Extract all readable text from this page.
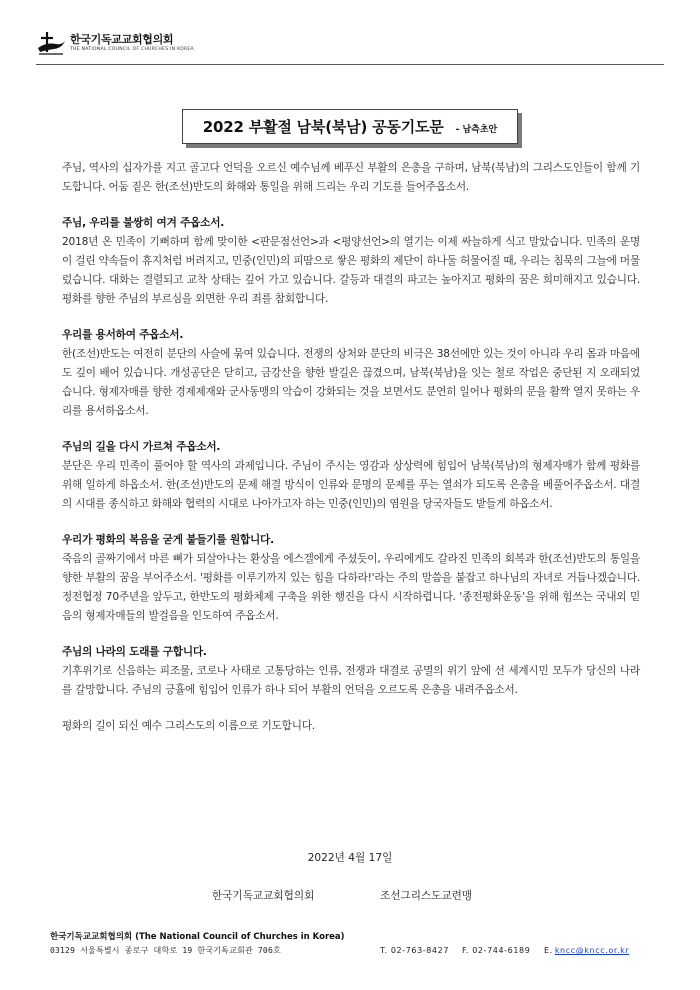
한국기독교교회협의회
THE NATIONAL COUNCIL OF CHURCHES IN KOREA
2022 부활절 남북(북남) 공동기도문 - 남측초안

주님, 역사의 십자가를 지고 골고다 언덕을 오르신 예수님께 베푸신 부활의 은총을 구하며, 남북(북남)의 그리스도인들이 함께 기도합니다. 어둠 짙은 한(조선)반도의 화해와 통일을 위해 드리는 우리 기도를 들어주옵소서.

주님, 우리를 불쌍히 여겨 주옵소서.

2018년 온 민족이 기뻐하며 함께 맞이한 <판문점선언>과 <평양선언>의 열기는 이제 싸늘하게 식고 말았습니다. 민족의 운명이 걸린 약속들이 휴지처럼 버려지고, 민중(인민)의 피땀으로 쌓은 평화의 제단이 하나둘 허물어질 때, 우리는 침묵의 그늘에 머물렀습니다. 대화는 결렬되고 교착 상태는 깊어 가고 있습니다. 갈등과 대결의 파고는 높아지고 평화의 꿈은 희미해지고 있습니다. 평화를 향한 주님의 부르심을 외면한 우리 죄를 참회합니다.

우리를 용서하여 주옵소서.

한(조선)반도는 여전히 분단의 사슬에 묶여 있습니다. 전쟁의 상처와 분단의 비극은 38선에만 있는 것이 아니라 우리 몸과 마음에도 깊이 배어 있습니다. 개성공단은 닫히고, 금강산을 향한 발길은 끊겼으며, 남북(북남)을 잇는 철로 작업은 중단된 지 오래되었습니다. 형제자매를 향한 경제제재와 군사동맹의 악습이 강화되는 것을 보면서도 분연히 일어나 평화의 문을 활짝 열지 못하는 우리를 용서하옵소서.

주님의 길을 다시 가르쳐 주옵소서.

분단은 우리 민족이 풀어야 할 역사의 과제입니다. 주님이 주시는 영감과 상상력에 힘입어 남북(북남)의 형제자매가 함께 평화를 위해 일하게 하옵소서. 한(조선)반도의 문제 해결 방식이 인류와 문명의 문제를 푸는 열쇠가 되도록 은총을 베풀어주옵소서. 대결의 시대를 종식하고 화해와 협력의 시대로 나아가고자 하는 민중(인민)의 염원을 당국자들도 받들게 하옵소서.

우리가 평화의 복음을 굳게 붙들기를 원합니다.

죽음의 골짜기에서 마른 뼈가 되살아나는 환상을 에스겔에게 주셨듯이, 우리에게도 갈라진 민족의 회복과 한(조선)반도의 통일을 향한 부활의 꿈을 부어주소서. '평화를 이루기까지 있는 힘을 다하라!'라는 주의 말씀을 붙잡고 하나님의 자녀로 거듭나겠습니다. 정전협정 70주년을 앞두고, 한반도의 평화체제 구축을 위한 행진을 다시 시작하렵니다. '종전평화운동'을 위해 힘쓰는 국내외 믿음의 형제자매들의 발걸음을 인도하여 주옵소서.

주님의 나라의 도래를 구합니다.

기후위기로 신음하는 피조물, 코로나 사태로 고통당하는 인류, 전쟁과 대결로 공멸의 위기 앞에 선 세계시민 모두가 당신의 나라를 갈망합니다. 주님의 긍휼에 힘입어 인류가 하나 되어 부활의 언덕을 오르도록 은총을 내려주옵소서.

평화의 길이 되신 예수 그리스도의 이름으로 기도합니다.

2022년 4월 17일
한국기독교교회협의회	조선그리스도교련맹
한국기독교교회협의회 (The National Council of Churches in Korea)
03129 서울특별시 종로구 대학로 19 한국기독교회관 706호	T. 02-763-8427	F. 02-744-6189	E. kncc@kncc.or.kr
